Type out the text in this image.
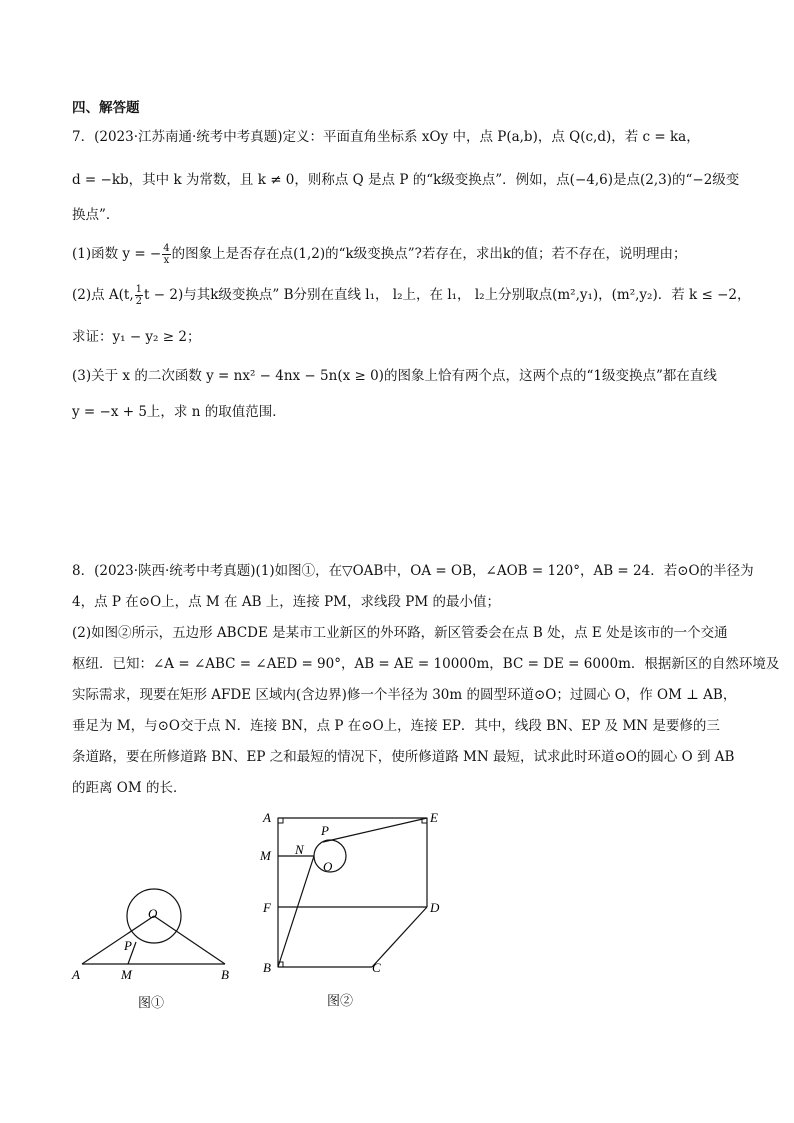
四、解答题
7．(2023·江苏南通·统考中考真题)定义：平面直角坐标系 xOy 中，点 P(a,b)，点 Q(c,d)，若 c = ka，
d = −kb，其中 k 为常数，且 k ≠ 0，则称点 Q 是点 P 的“k级变换点”．例如，点(−4,6)是点(2,3)的“−2级变
换点”．
(1)函数 y = − $\frac{4}{x}$ 的图象上是否存在点(1,2)的“k级变换点”?若存在，求出k的值；若不存在，说明理由；
(2)点 A(t, $\frac{1}{2}$ t − 2)与其k级变换点” B分别在直线 l₁， l₂上，在 l₁， l₂上分别取点(m²,y₁)，(m²,y₂)．若 k ≤ −2，
求证：y₁ − y₂ ≥ 2；
(3)关于 x 的二次函数 y = nx² − 4nx − 5n(x ≥ 0)的图象上恰有两个点，这两个点的“1级变换点”都在直线
y = −x + 5上，求 n 的取值范围．
8．(2023·陕西·统考中考真题)(1)如图①，在▽OAB中，OA = OB，∠AOB = 120°，AB = 24．若⊙O的半径为
4，点 P 在⊙O上，点 M 在 AB 上，连接 PM，求线段 PM 的最小值；
(2)如图②所示，五边形 ABCDE 是某市工业新区的外环路，新区管委会在点 B 处，点 E 处是该市的一个交通
枢纽．已知：∠A = ∠ABC = ∠AED = 90°，AB = AE = 10000m，BC = DE = 6000m．根据新区的自然环境及
实际需求，现要在矩形 AFDE 区域内(含边界)修一个半径为 30m 的圆型环道⊙O；过圆心 O，作 OM ⊥ AB，
垂足为 M，与⊙O交于点 N．连接 BN，点 P 在⊙O上，连接 EP．其中，线段 BN、EP 及 MN 是要修的三
条道路，要在所修道路 BN、EP 之和最短的情况下，使所修道路 MN 最短，试求此时环道⊙O的圆心 O 到 AB
的距离 OM 的长．
O
P
A	M	B
图①
A	E
P
M N
O
F	D
B	C
图②
